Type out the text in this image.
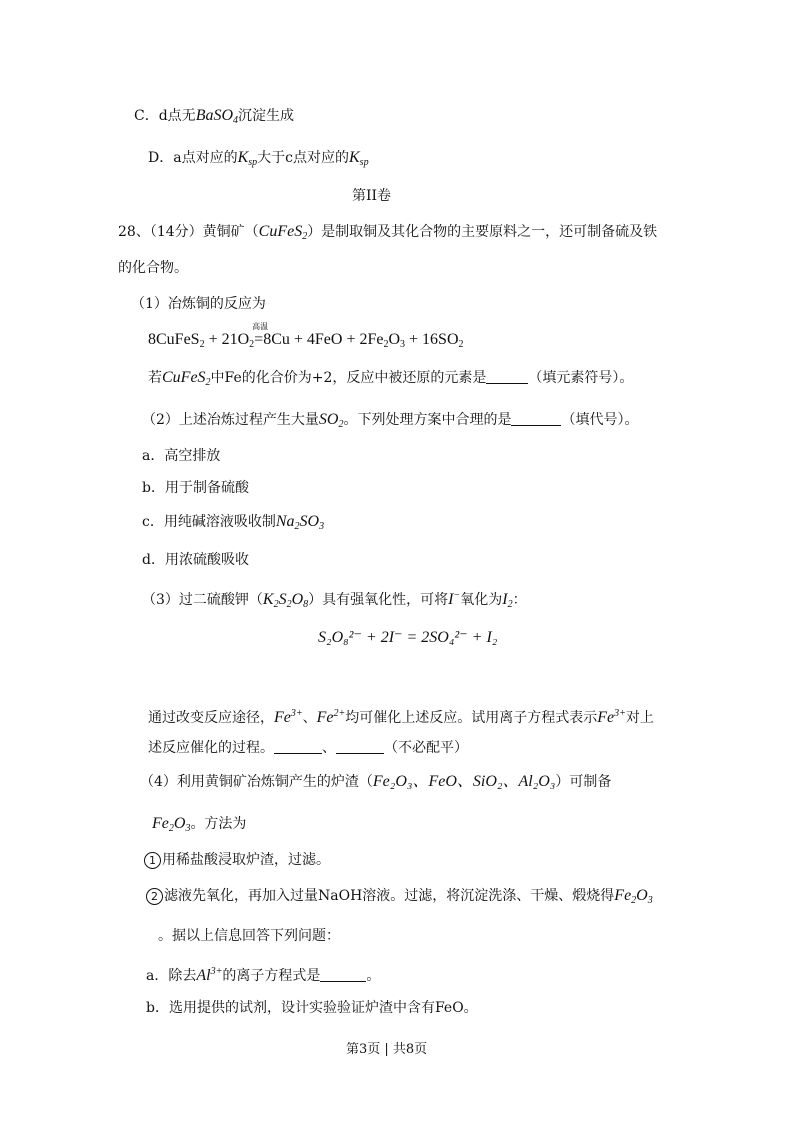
C．d点无BaSO$_4$沉淀生成
D．a点对应的$K_{sp}$大于c点对应的$K_{sp}$
第II卷
28、（14分）黄铜矿（CuFeS$_2$）是制取铜及其化合物的主要原料之一，还可制备硫及铁
的化合物。
（1）冶炼铜的反应为
8CuFeS$_2$ + $21O_2$
高温
$=8Cu + 4FeO + 2Fe_2O_3 + 16SO_2$
若CuFeS$_2$中Fe的化合价为+2，反应中被还原的元素是	（填元素符号）。
（2）上述冶炼过程产生大量$SO_2$。下列处理方案中合理的是	（填代号）。
a．高空排放
b．用于制备硫酸
c．用纯碱溶液吸收制$Na_2SO_3$
d．用浓硫酸吸收
（3）过二硫酸钾$(K_2S_2O_8)$具有强氧化性，可将I−氧化为$I_2$：
S₂O₈²⁻ + 2I⁻ = 2SO₄²⁻ + I₂
通过改变反应途径，$Fe^{3+}$、$Fe^{2+}$均可催化上述反应。试用离子方程式表示$Fe^{3+}$对上
述反应催化的过程。	、	（不必配平）
（4）利用黄铜矿冶炼铜产生的炉渣（Fe₂O₃、FeO、SiO₂、Al₂O₃）可制备
$Fe_2O_3$。方法为
1 用稀盐酸浸取炉渣，过滤。
2 滤液先氧化，再加入过量NaOH溶液。过滤，将沉淀洗涤、干燥、煅烧得$Fe_2O_3$
。据以上信息回答下列问题：
a．除去$Al^{3+}$的离子方程式是	。
b．选用提供的试剂，设计实验验证炉渣中含有FeO。
第3页 | 共8页
